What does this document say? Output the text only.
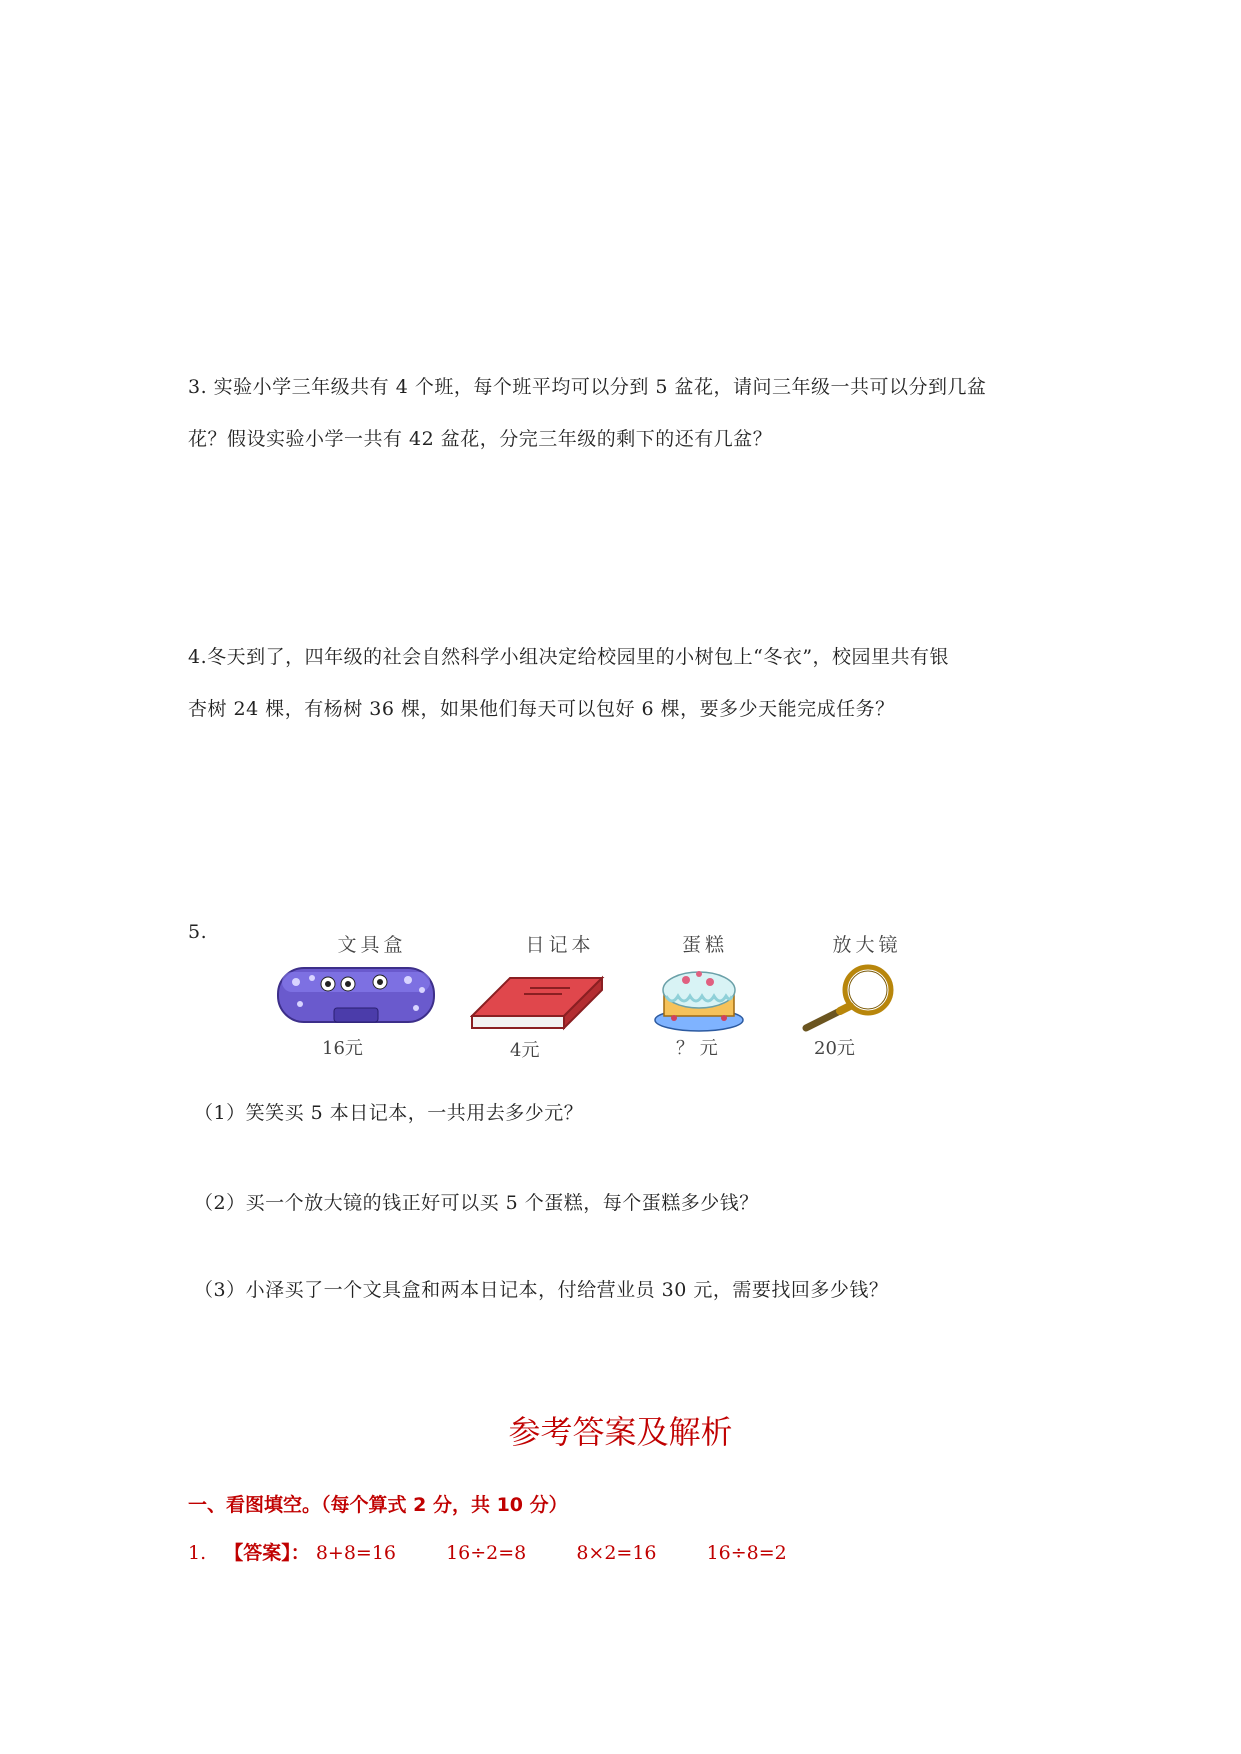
3. 实验小学三年级共有 4 个班，每个班平均可以分到 5 盆花，请问三年级一共可以分到几盆
花？假设实验小学一共有 42 盆花，分完三年级的剩下的还有几盆？
4.冬天到了，四年级的社会自然科学小组决定给校园里的小树包上“冬衣”，校园里共有银
杏树 24 棵，有杨树 36 棵，如果他们每天可以包好 6 棵，要多少天能完成任务？
5.
文具盒
16元
日记本
4元
蛋糕
？ 元
放大镜
20元
（1）笑笑买 5 本日记本，一共用去多少元？
（2）买一个放大镜的钱正好可以买 5 个蛋糕，每个蛋糕多少钱？
（3）小泽买了一个文具盒和两本日记本，付给营业员 30 元，需要找回多少钱？
参考答案及解析
一、看图填空。（每个算式 2 分，共 10 分）
1. 【答案】： 8+8=16	16÷2=8	8×2=16	16÷8=2
